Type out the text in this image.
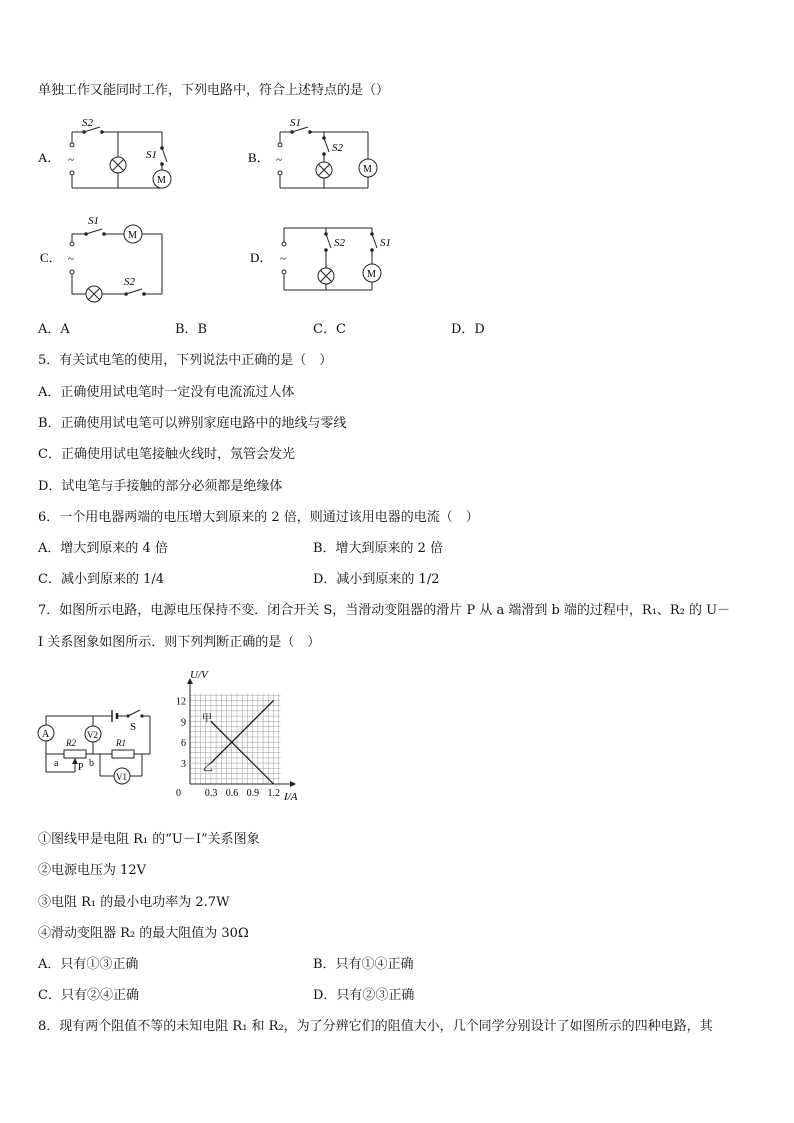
单独工作又能同时工作，下列电路中，符合上述特点的是（）
A． ~
S2
S1
M
B． ~
S1
S2
M
C． ~
S1
M
S2
D． ~
S2	S1
M
A．A	B．B	C．C	D．D
5．有关试电笔的使用，下列说法中正确的是（　）
A．正确使用试电笔时一定没有电流流过人体
B．正确使用试电笔可以辨别家庭电路中的地线与零线
C．正确使用试电笔接触火线时，氖管会发光
D．试电笔与手接触的部分必须都是绝缘体
6．一个用电器两端的电压增大到原来的 2 倍，则通过该用电器的电流（　）
A．增大到原来的 4 倍	B．增大到原来的 2 倍
C．减小到原来的 1/4	D．减小到原来的 1/2
7．如图所示电路，电源电压保持不变．闭合开关 S，当滑动变阻器的滑片 P 从 a 端滑到 b 端的过程中，R₁、R₂ 的 U－
I 关系图象如图所示．则下列判断正确的是（　）
S
A
R2
P
a	b
R1
V2
V1
0 0.3 0.6 0.9 1.2
3
6
9
12
甲
乙
U/V
I/A
①图线甲是电阻 R₁ 的“U－I”关系图象
②电源电压为 12V
③电阻 R₁ 的最小电功率为 2.7W
④滑动变阻器 R₂ 的最大阻值为 30Ω
A．只有①③正确	B．只有①④正确
C．只有②④正确	D．只有②③正确
8．现有两个阻值不等的未知电阻 R₁ 和 R₂，为了分辨它们的阻值大小，几个同学分别设计了如图所示的四种电路，其
